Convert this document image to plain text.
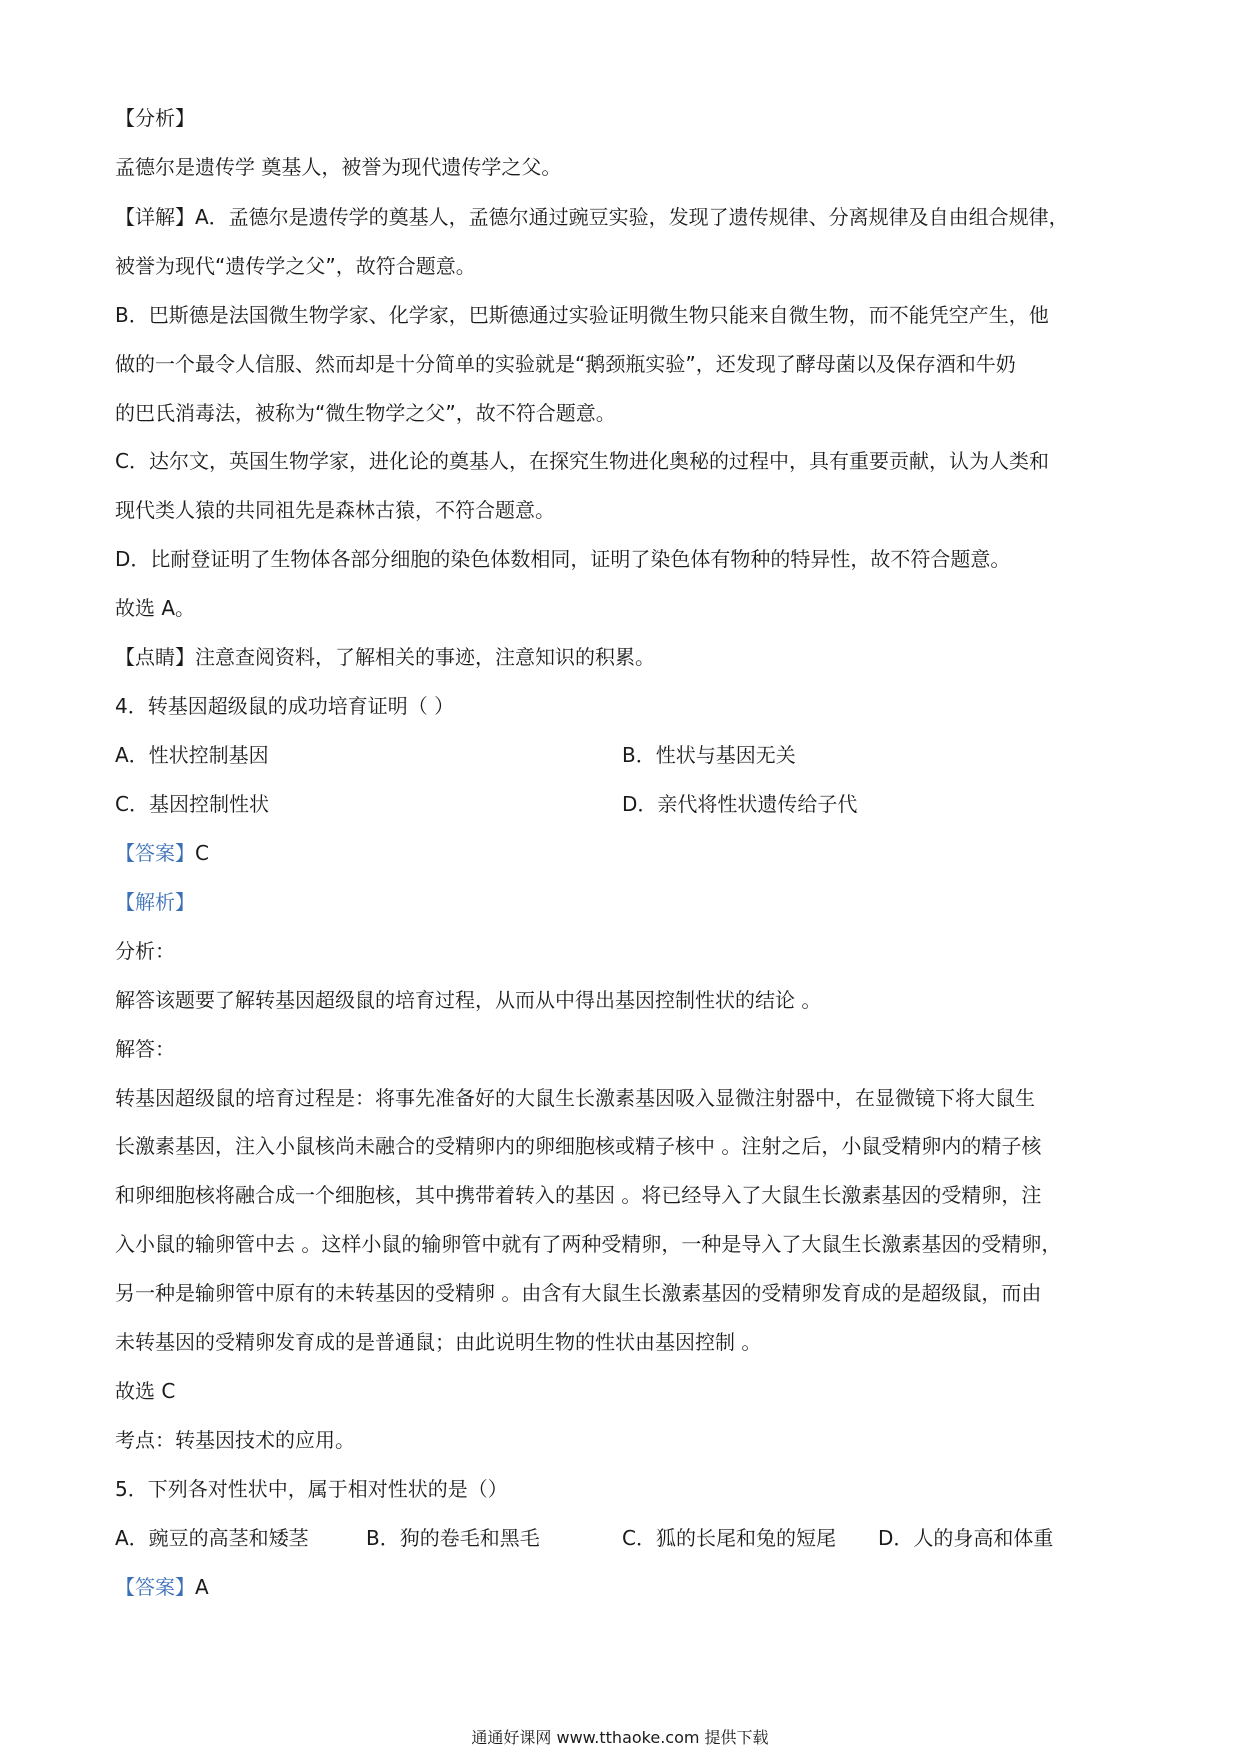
【分析】
孟德尔是遗传学 奠基人，被誉为现代遗传学之父。
【详解】A．孟德尔是遗传学的奠基人，孟德尔通过豌豆实验，发现了遗传规律、分离规律及自由组合规律，
被誉为现代“遗传学之父”，故符合题意。
B．巴斯德是法国微生物学家、化学家，巴斯德通过实验证明微生物只能来自微生物，而不能凭空产生，他
做的一个最令人信服、然而却是十分简单的实验就是“鹅颈瓶实验”，还发现了酵母菌以及保存酒和牛奶
的巴氏消毒法，被称为“微生物学之父”，故不符合题意。
C．达尔文，英国生物学家，进化论的奠基人，在探究生物进化奥秘的过程中，具有重要贡献，认为人类和
现代类人猿的共同祖先是森林古猿，不符合题意。
D．比耐登证明了生物体各部分细胞的染色体数相同，证明了染色体有物种的特异性，故不符合题意。
故选 A。
【点睛】注意查阅资料，了解相关的事迹，注意知识的积累。
4．转基因超级鼠的成功培育证明（ ）
A．性状控制基因	B．性状与基因无关
C．基因控制性状	D．亲代将性状遗传给子代
【答案】C
【解析】
分析：
解答该题要了解转基因超级鼠的培育过程，从而从中得出基因控制性状的结论 。
解答：
转基因超级鼠的培育过程是：将事先准备好的大鼠生长激素基因吸入显微注射器中，在显微镜下将大鼠生
长激素基因，注入小鼠核尚未融合的受精卵内的卵细胞核或精子核中 。注射之后，小鼠受精卵内的精子核
和卵细胞核将融合成一个细胞核，其中携带着转入的基因 。将已经导入了大鼠生长激素基因的受精卵，注
入小鼠的输卵管中去 。这样小鼠的输卵管中就有了两种受精卵，一种是导入了大鼠生长激素基因的受精卵，
另一种是输卵管中原有的未转基因的受精卵 。由含有大鼠生长激素基因的受精卵发育成的是超级鼠，而由
未转基因的受精卵发育成的是普通鼠；由此说明生物的性状由基因控制 。
故选 C
考点：转基因技术的应用。
5．下列各对性状中，属于相对性状的是（）
A．豌豆的高茎和矮茎	B．狗的卷毛和黑毛	C．狐的长尾和兔的短尾 D．人的身高和体重
【答案】A
通通好课网 www.tthaoke.com 提供下载
